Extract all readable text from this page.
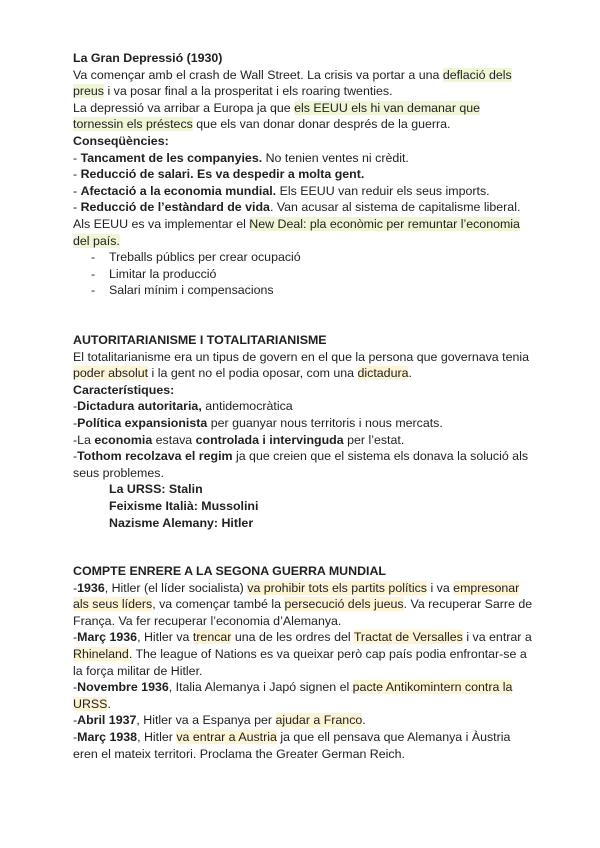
La Gran Depressió (1930)

Va començar amb el crash de Wall Street. La crisis va portar a una deflació dels preus i va posar final a la prosperitat i els roaring twenties.

La depressió va arribar a Europa ja que els EEUU els hi van demanar que tornessin els préstecs que els van donar donar després de la guerra.

Conseqüències:

- Tancament de les companyies. No tenien ventes ni crèdit.

- Reducció de salari. Es va despedir a molta gent.

- Afectació a la economia mundial. Els EEUU van reduir els seus imports.

- Reducció de l’estàndard de vida. Van acusar al sistema de capitalisme liberal.

Als EEUU es va implementar el New Deal: pla econòmic per remuntar l’economia del país.

- Treballs públics per crear ocupació
- Limitar la producció
- Salari mínim i compensacions

AUTORITARIANISME I TOTALITARIANISME

El totalitarianisme era un tipus de govern en el que la persona que governava tenia poder absolut i la gent no el podia oposar, com una dictadura.

Característiques:

-Dictadura autoritaria, antidemocràtica

-Política expansionista per guanyar nous territoris i nous mercats.

-La economia estava controlada i intervinguda per l’estat.

-Tothom recolzava el regim ja que creien que el sistema els donava la solució als seus problemes.

La URSS: Stalin

Feixisme Italià: Mussolini

Nazisme Alemany: Hitler

COMPTE ENRERE A LA SEGONA GUERRA MUNDIAL

-1936, Hitler (el líder socialista) va prohibir tots els partits polítics i va empresonar als seus líders, va començar també la persecució dels jueus. Va recuperar Sarre de França. Va fer recuperar l’economia d’Alemanya.

-Març 1936, Hitler va trencar una de les ordres del Tractat de Versalles i va entrar a Rhineland. The league of Nations es va queixar però cap país podia enfrontar-se a la força militar de Hitler.

-Novembre 1936, Italia Alemanya i Japó signen el pacte Antikomintern contra la URSS.

-Abril 1937, Hitler va a Espanya per ajudar a Franco.

-Març 1938, Hitler va entrar a Austria ja que ell pensava que Alemanya i Àustria eren el mateix territori. Proclama the Greater German Reich.
